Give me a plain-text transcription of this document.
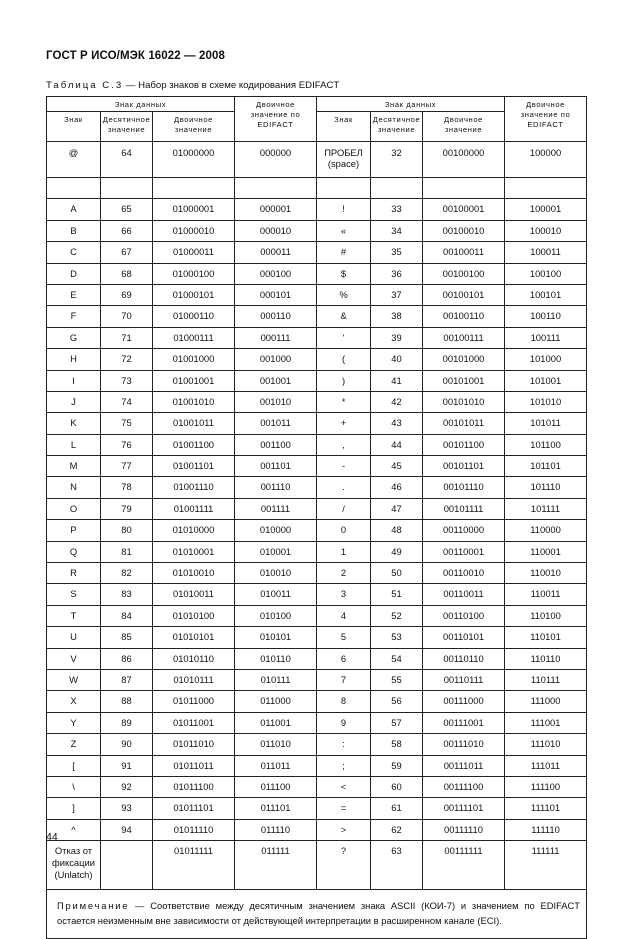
ГОСТ Р ИСО/МЭК 16022 — 2008
Таблица С.3 — Набор знаков в схеме кодирования EDIFACT
Знак данных			Двоичное значение по EDIFACT	Знак данных			Двоичное значение по EDIFACT
Знак	Десятичное значение	Двоичное значение		Знак	Десятичное значение	Двоичное значение	
@	64	01000000	000000	ПРОБЕЛ (space)	32	00100000	100000

A	65	01000001	000001	!	33	00100001	100001
B	66	01000010	000010	«	34	00100010	100010
C	67	01000011	000011	#	35	00100011	100011
D	68	01000100	000100	$	36	00100100	100100
E	69	01000101	000101	%	37	00100101	100101
F	70	01000110	000110	&	38	00100110	100110
G	71	01000111	000111	'	39	00100111	100111
H	72	01001000	001000	(	40	00101000	101000
I	73	01001001	001001	)	41	00101001	101001
J	74	01001010	001010	*	42	00101010	101010
K	75	01001011	001011	+	43	00101011	101011
L	76	01001100	001100	,	44	00101100	101100
M	77	01001101	001101	-	45	00101101	101101
N	78	01001110	001110	.	46	00101110	101110
O	79	01001111	001111	/	47	00101111	101111
P	80	01010000	010000	0	48	00110000	110000
Q	81	01010001	010001	1	49	00110001	110001
R	82	01010010	010010	2	50	00110010	110010
S	83	01010011	010011	3	51	00110011	110011
T	84	01010100	010100	4	52	00110100	110100
U	85	01010101	010101	5	53	00110101	110101
V	86	01010110	010110	6	54	00110110	110110
W	87	01010111	010111	7	55	00110111	110111
X	88	01011000	011000	8	56	00111000	111000
Y	89	01011001	011001	9	57	00111001	111001
Z	90	01011010	011010	:	58	00111010	111010
[	91	01011011	011011	;	59	00111011	111011
\	92	01011100	011100	<	60	00111100	111100
]	93	01011101	011101	=	61	00111101	111101
^	94	01011110	011110	>	62	00111110	111110
Отказ от фиксации (Unlatch)		01011111	011111	?	63	00111111	111111
Примечание — Соответствие между десятичным значением знака ASCII (КОИ-7) и значением по EDIFACT остается неизменным вне зависимости от действующей интерпретации в расширенном канале (ECI).							
44
